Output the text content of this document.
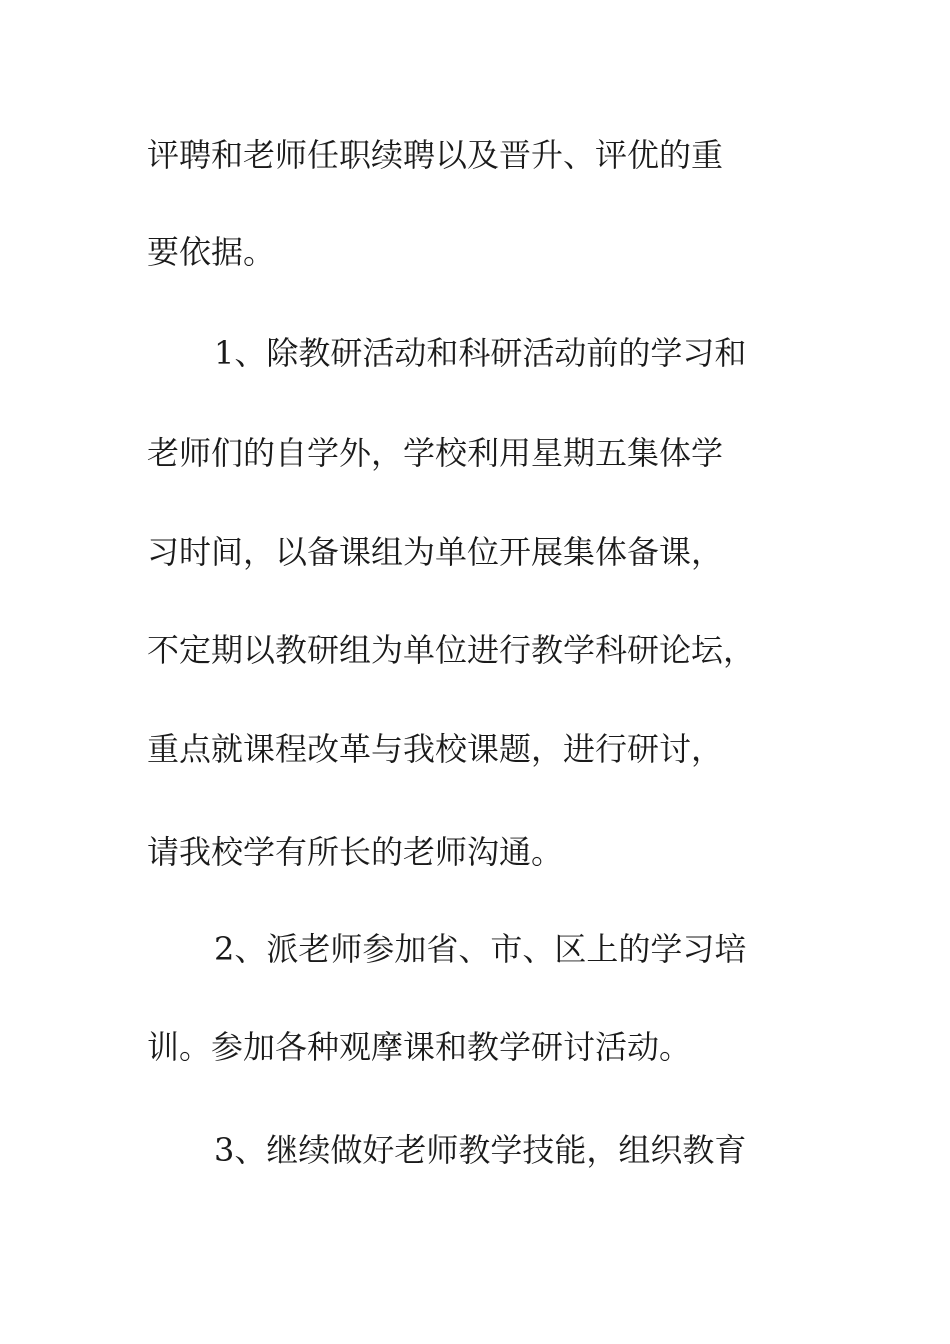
评聘和老师任职续聘以及晋升、评优的重
要依据。
1、除教研活动和科研活动前的学习和
老师们的自学外，学校利用星期五集体学
习时间，以备课组为单位开展集体备课，
不定期以教研组为单位进行教学科研论坛，
重点就课程改革与我校课题，进行研讨，
请我校学有所长的老师沟通。
2、派老师参加省、市、区上的学习培
训。参加各种观摩课和教学研讨活动。
3、继续做好老师教学技能，组织教育
